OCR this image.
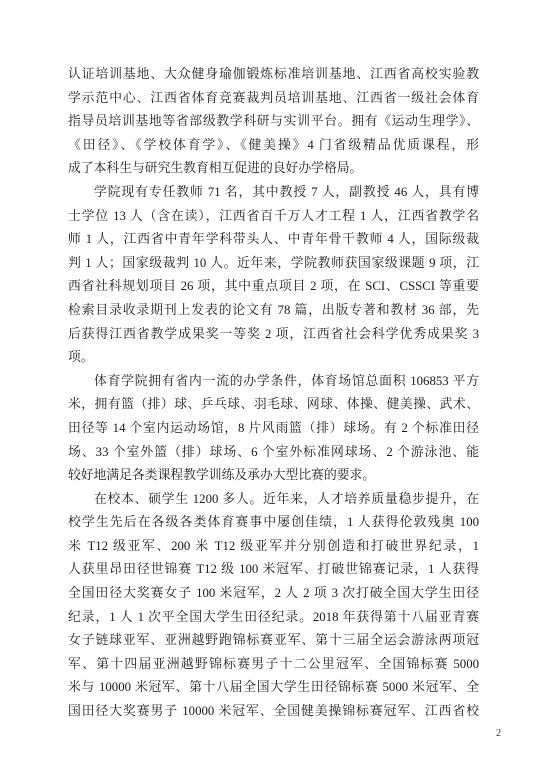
认证培训基地、大众健身瑜伽锻炼标准培训基地、江西省高校实验教
学示范中心、江西省体育竞赛裁判员培训基地、江西省一级社会体育
指导员培训基地等省部级教学科研与实训平台。拥有《运动生理学》、
《田径》、《学校体育学》、《健美操》4 门省级精品优质课程，形
成了本科生与研究生教育相互促进的良好办学格局。
学院现有专任教师 71 名，其中教授 7 人，副教授 46 人，具有博
士学位 13 人（含在读），江西省百千万人才工程 1 人，江西省教学名
师 1 人，江西省中青年学科带头人、中青年骨干教师 4 人，国际级裁
判 1 人；国家级裁判 10 人。近年来，学院教师获国家级课题 9 项，江
西省社科规划项目 26 项，其中重点项目 2 项，在 SCI、CSSCI 等重要
检索目录收录期刊上发表的论文有 78 篇，出版专著和教材 36 部，先
后获得江西省教学成果奖一等奖 2 项，江西省社会科学优秀成果奖 3
项。
体育学院拥有省内一流的办学条件，体育场馆总面积 106853 平方
米，拥有篮（排）球、乒乓球、羽毛球、网球、体操、健美操、武术、
田径等 14 个室内运动场馆，8 片风雨篮（排）球场。有 2 个标准田径
场、33 个室外篮（排）球场、6 个室外标准网球场、2 个游泳池、能
较好地满足各类课程教学训练及承办大型比赛的要求。
在校本、硕学生 1200 多人。近年来，人才培养质量稳步提升，在
校学生先后在各级各类体育赛事中屡创佳绩，1 人获得伦敦残奥 100
米 T12 级亚军、200 米 T12 级亚军并分别创造和打破世界纪录，1
人获里昂田径世锦赛 T12 级 100 米冠军、打破世锦赛记录，1 人获得
全国田径大奖赛女子 100 米冠军，2 人 2 项 3 次打破全国大学生田径
纪录，1 人 1 次平全国大学生田径纪录。2018 年获得第十八届亚青赛
女子链球亚军、亚洲越野跑锦标赛亚军、第十三届全运会游泳两项冠
军、第十四届亚洲越野锦标赛男子十二公里冠军、全国锦标赛 5000
米与 10000 米冠军、第十八届全国大学生田径锦标赛 5000 米冠军、全
国田径大奖赛男子 10000 米冠军、全国健美操锦标赛冠军、江西省校
2
